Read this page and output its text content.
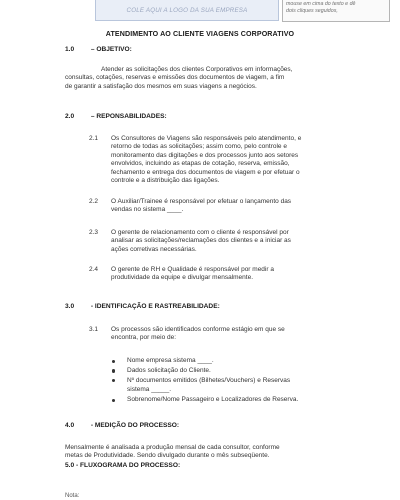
COLE AQUI A LOGO DA SUA EMPRESA
mouse em cima do texto e dê
dois cliques seguidos,
ATENDIMENTO AO CLIENTE VIAGENS CORPORATIVO
1.0	– OBJETIVO:
Atender as solicitações dos clientes Corporativos em informações,
consultas, cotações, reservas e emissões dos documentos de viagem, a fim
de garantir a satisfação dos mesmos em suas viagens a negócios.
2.0	– REPONSABILIDADES:
2.1 Os Consultores de Viagens são responsáveis pelo atendimento, e
retorno de todas as solicitações; assim como, pelo controle e
monitoramento das digitações e dos processos junto aos setores
envolvidos, incluindo as etapas de cotação, reserva, emissão,
fechamento e entrega dos documentos de viagem e por efetuar o
controle e a distribuição das ligações.
2.2 O Auxiliar/Trainee é responsável por efetuar o lançamento das
vendas no sistema ____.
2.3 O gerente de relacionamento com o cliente é responsável por
analisar as solicitações/reclamações dos clientes e a iniciar as
ações corretivas necessárias.
2.4 O gerente de RH e Qualidade é responsável por medir a
produtividade da equipe e divulgar mensalmente.
3.0	- IDENTIFICAÇÃO E RASTREABILIDADE:
3.1 Os processos são identificados conforme estágio em que se
encontra, por meio de:
Nome empresa sistema ____.
Dados solicitação do Cliente.
Nº documentos emitidos (Bilhetes/Vouchers) e Reservas
sistema _____.
Sobrenome/Nome Passageiro e Localizadores de Reserva.
4.0	- MEDIÇÃO DO PROCESSO:
Mensalmente é analisada a produção mensal de cada consultor, conforme
metas de Produtividade. Sendo divulgado durante o mês subseqüente.
5.0 - FLUXOGRAMA DO PROCESSO:
Nota:
